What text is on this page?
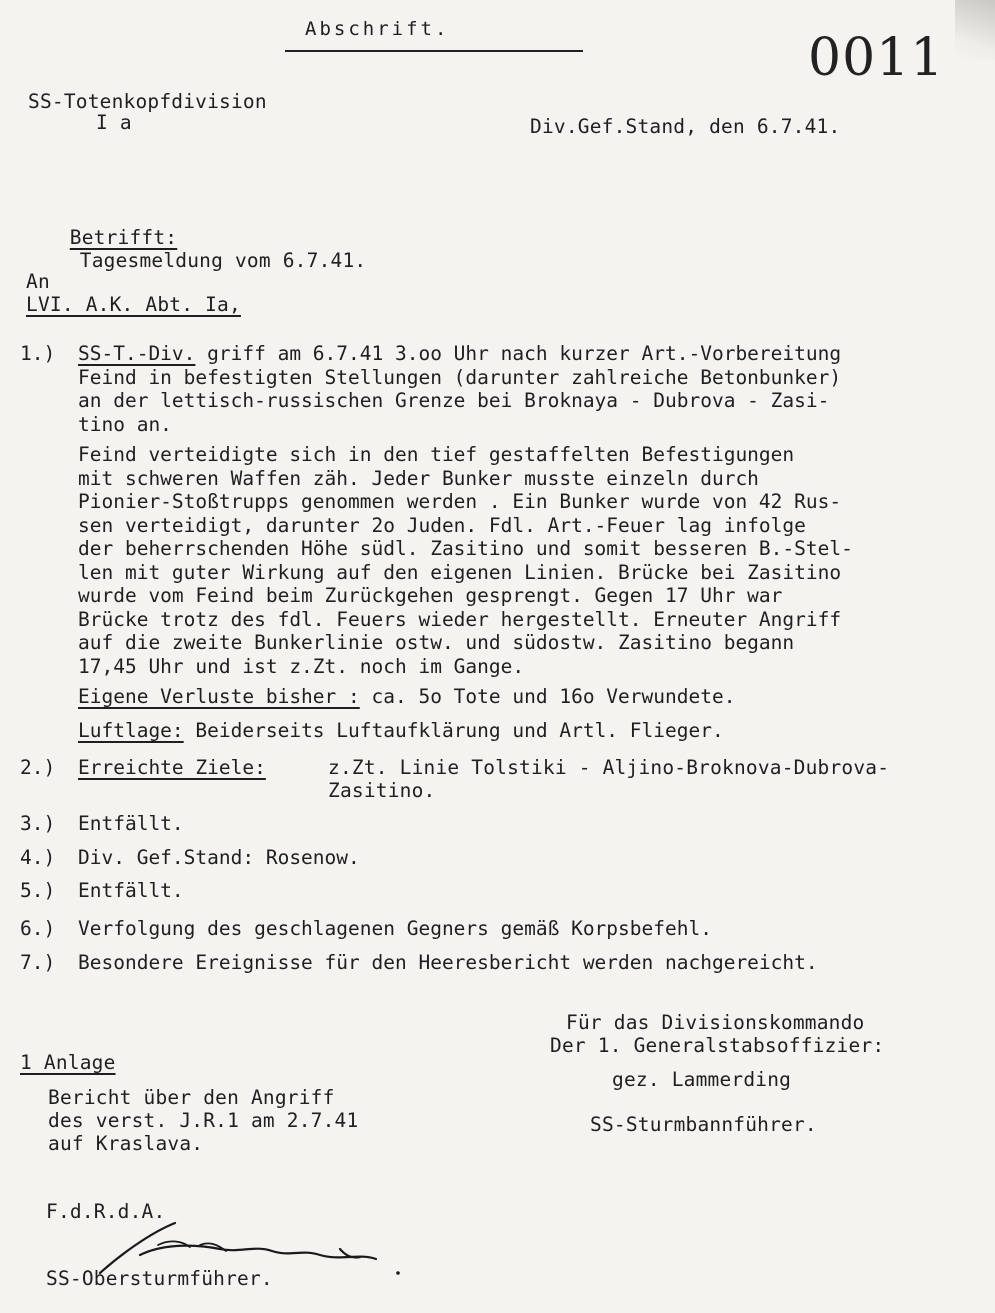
Abschrift.	0011
SS-Totenkopfdivision
I a	Div.Gef.Stand, den 6.7.41.

Betrifft:
Tagesmeldung vom 6.7.41.

An
LVI. A.K. Abt. Ia,
1.) SS-T.-Div. griff am 6.7.41 3.oo Uhr nach kurzer Art.-Vorbereitung
Feind in befestigten Stellungen (darunter zahlreiche Betonbunker)
an der lettisch-russischen Grenze bei Broknaya - Dubrova - Zasi-
tino an.
Feind verteidigte sich in den tief gestaffelten Befestigungen
mit schweren Waffen zäh. Jeder Bunker musste einzeln durch
Pionier-Stoßtrupps genommen werden . Ein Bunker wurde von 42 Rus-
sen verteidigt, darunter 2o Juden. Fdl. Art.-Feuer lag infolge
der beherrschenden Höhe südl. Zasitino und somit besseren B.-Stel-
len mit guter Wirkung auf den eigenen Linien. Brücke bei Zasitino
wurde vom Feind beim Zurückgehen gesprengt. Gegen 17 Uhr war
Brücke trotz des fdl. Feuers wieder hergestellt. Erneuter Angriff
auf die zweite Bunkerlinie ostw. und südostw. Zasitino begann
17,45 Uhr und ist z.Zt. noch im Gange.
Eigene Verluste bisher : ca. 5o Tote und 16o Verwundete.
Luftlage: Beiderseits Luftaufklärung und Artl. Flieger.
2.) Erreichte Ziele:	z.Zt. Linie Tolstiki - Aljino-Broknova-Dubrova-
Zasitino.
3.) Entfällt.
4.) Div. Gef.Stand: Rosenow.
5.) Entfällt.
6.) Verfolgung des geschlagenen Gegners gemäß Korpsbefehl.
7.) Besondere Ereignisse für den Heeresbericht werden nachgereicht.
Für das Divisionskommando
Der 1. Generalstabsoffizier:
gez. Lammerding
SS-Sturmbannführer.
1 Anlage
Bericht über den Angriff
des verst. J.R.1 am 2.7.41
auf Kraslava.
F.d.R.d.A.
SS-Obersturmführer.
